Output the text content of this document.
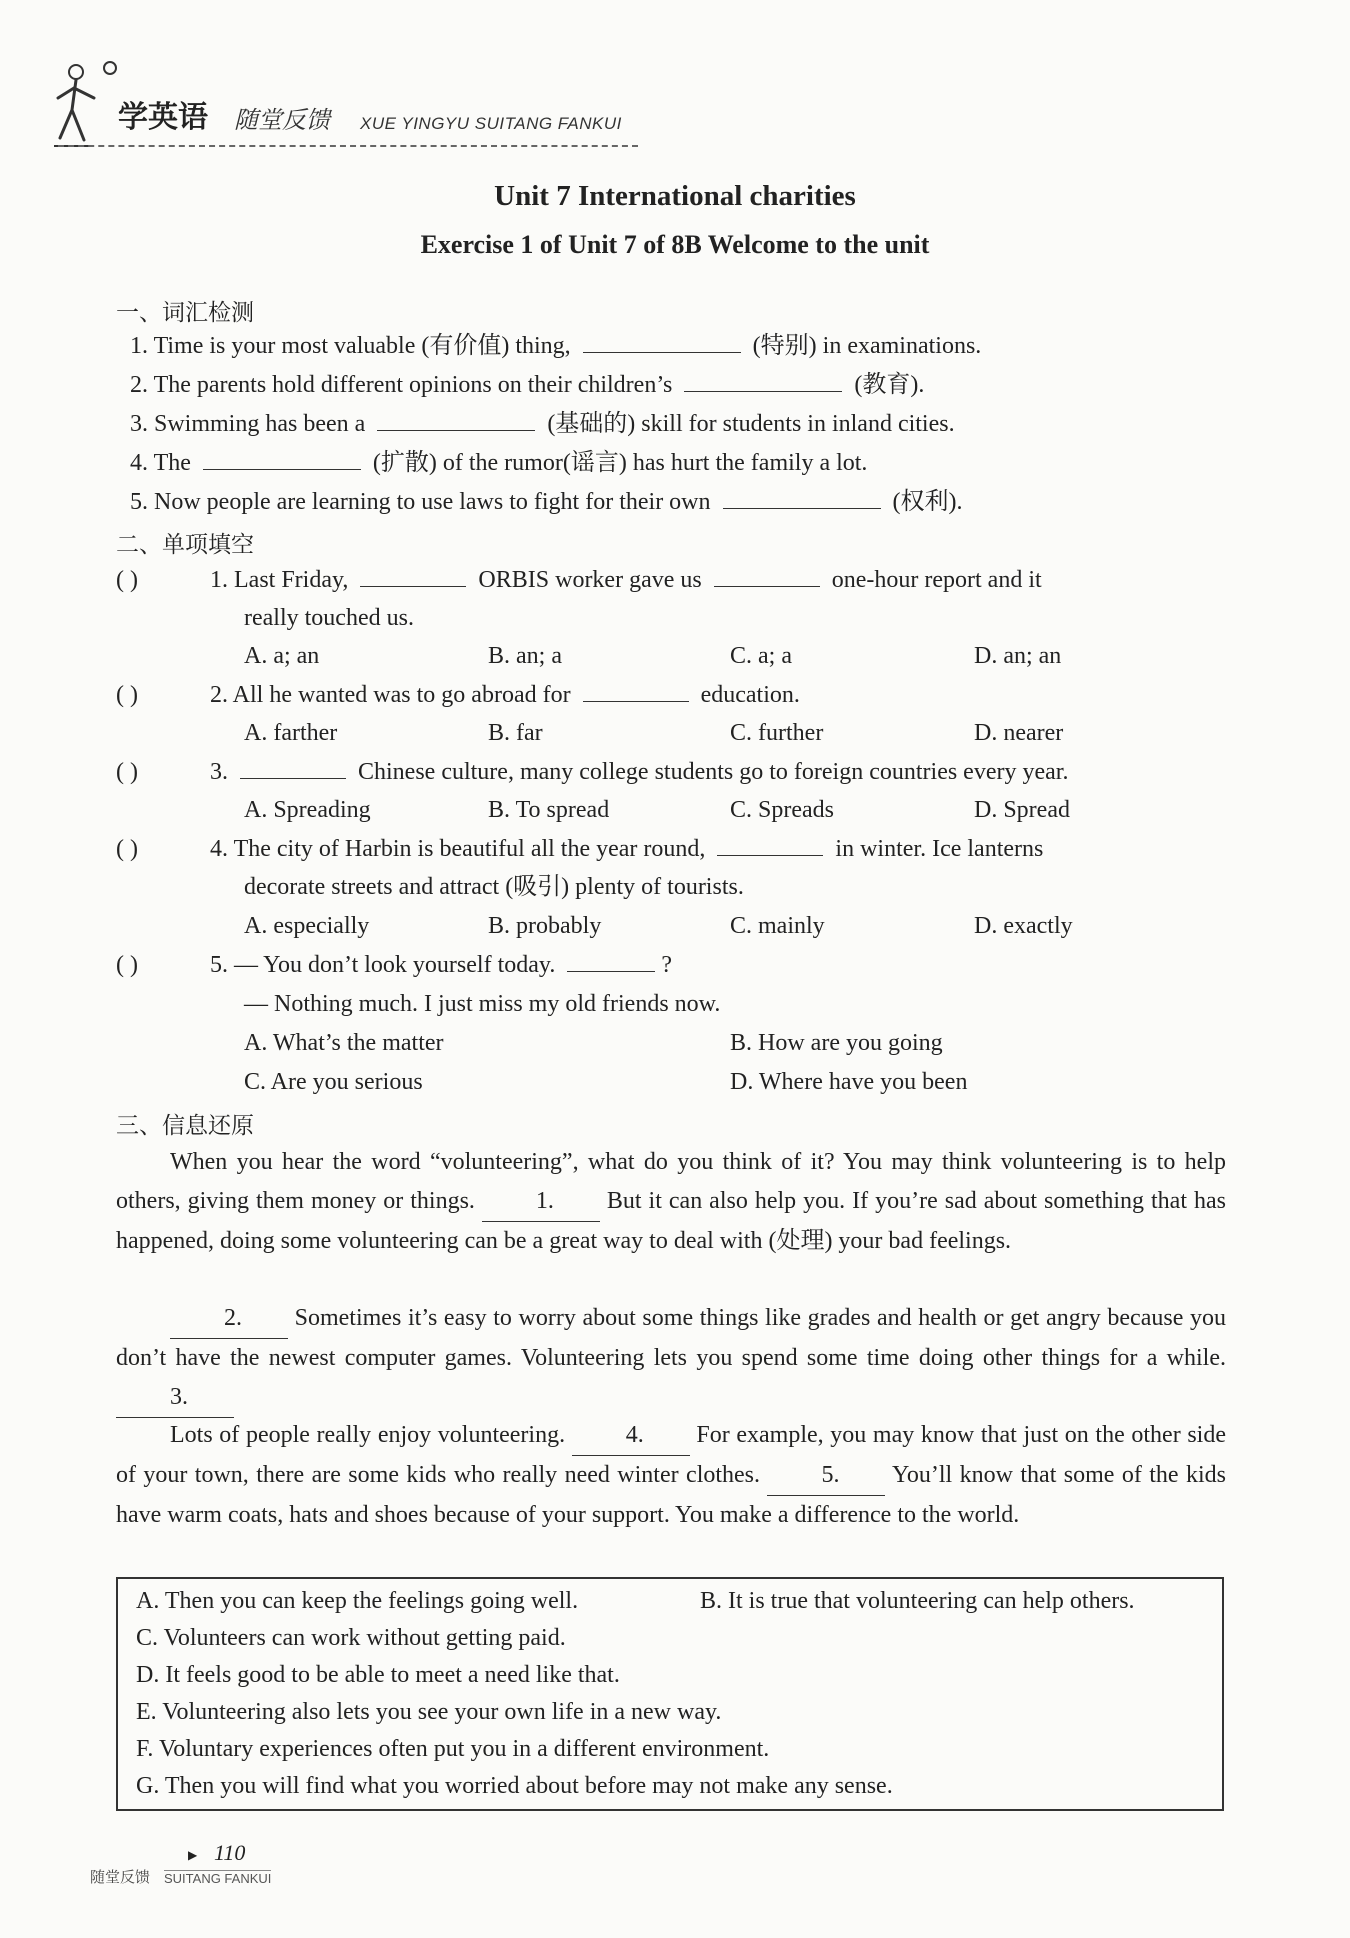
学英语 随堂反馈 XUE YINGYU SUITANG FANKUI
Unit 7 International charities
Exercise 1 of Unit 7 of 8B Welcome to the unit
一、词汇检测
1. Time is your most valuable (有价值) thing,	(特别) in examinations.
2. The parents hold different opinions on their children’s	(教育).
3. Swimming has been a	(基础的) skill for students in inland cities.
4. The	(扩散) of the rumor(谣言) has hurt the family a lot.
5. Now people are learning to use laws to fight for their own	(权利).
二、单项填空
( )	1. Last Friday,	ORBIS worker gave us	one-hour report and it
really touched us.
A. a; an	B. an; a	C. a; a	D. an; an
( )	2. All he wanted was to go abroad for	education.
A. farther	B. far	C. further	D. nearer
( )	3.	Chinese culture, many college students go to foreign countries every year.
A. Spreading	B. To spread	C. Spreads	D. Spread
( )	4. The city of Harbin is beautiful all the year round,	in winter. Ice lanterns
decorate streets and attract (吸引) plenty of tourists.
A. especially	B. probably	C. mainly	D. exactly
( )	5. — You don’t look yourself today.	?
— Nothing much. I just miss my old friends now.
A. What’s the matter	B. How are you going
C. Are you serious	D. Where have you been
三、信息还原
When you hear the word “volunteering”, what do you think of it? You may think volunteering is to help others, giving them money or things. 1. But it can also help you. If you’re sad about something that has happened, doing some volunteering can be a great way to deal with (处理) your bad feelings.
2. Sometimes it’s easy to worry about some things like grades and health or get angry because you don’t have the newest computer games. Volunteering lets you spend some time doing other things for a while. 3.
Lots of people really enjoy volunteering. 4. For example, you may know that just on the other side of your town, there are some kids who really need winter clothes. 5. You’ll know that some of the kids have warm coats, hats and shoes because of your support. You make a difference to the world.
A. Then you can keep the feelings going well.	B. It is true that volunteering can help others.
C. Volunteers can work without getting paid.
D. It feels good to be able to meet a need like that.
E. Volunteering also lets you see your own life in a new way.
F. Voluntary experiences often put you in a different environment.
G. Then you will find what you worried about before may not make any sense.
▶ 110
随堂反馈 SUITANG FANKUI
